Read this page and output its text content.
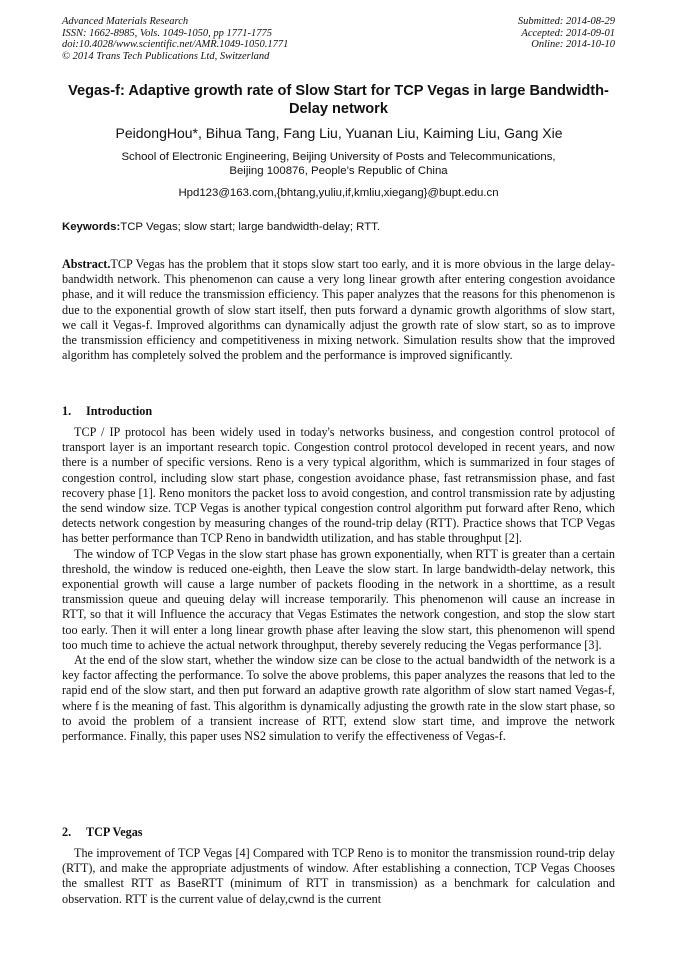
Advanced Materials Research
ISSN: 1662-8985, Vols. 1049-1050, pp 1771-1775
doi:10.4028/www.scientific.net/AMR.1049-1050.1771
© 2014 Trans Tech Publications Ltd, Switzerland
Submitted: 2014-08-29
Accepted: 2014-09-01
Online: 2014-10-10
Vegas-f: Adaptive growth rate of Slow Start for TCP Vegas in large Bandwidth-Delay network
PeidongHou*, Bihua Tang, Fang Liu, Yuanan Liu, Kaiming Liu, Gang Xie
School of Electronic Engineering, Beijing University of Posts and Telecommunications,
Beijing 100876, People’s Republic of China
Hpd123@163.com,{bhtang,yuliu,if,kmliu,xiegang}@bupt.edu.cn
Keywords:TCP Vegas; slow start; large bandwidth-delay; RTT.
Abstract.TCP Vegas has the problem that it stops slow start too early, and it is more obvious in the large delay-bandwidth network. This phenomenon can cause a very long linear growth after entering congestion avoidance phase, and it will reduce the transmission efficiency. This paper analyzes that the reasons for this phenomenon is due to the exponential growth of slow start itself, then puts forward a dynamic growth algorithms of slow start, we call it Vegas-f. Improved algorithms can dynamically adjust the growth rate of slow start, so as to improve the transmission efficiency and competitiveness in mixing network. Simulation results show that the improved algorithm has completely solved the problem and the performance is improved significantly.
1. Introduction

TCP / IP protocol has been widely used in today's networks business, and congestion control protocol of transport layer is an important research topic. Congestion control protocol developed in recent years, and now there is a number of specific versions. Reno is a very typical algorithm, which is summarized in four stages of congestion control, including slow start phase, congestion avoidance phase, fast retransmission phase, and fast recovery phase [1]. Reno monitors the packet loss to avoid congestion, and control transmission rate by adjusting the send window size. TCP Vegas is another typical congestion control algorithm put forward after Reno, which detects network congestion by measuring changes of the round-trip delay (RTT). Practice shows that TCP Vegas has better performance than TCP Reno in bandwidth utilization, and has stable throughput [2].

The window of TCP Vegas in the slow start phase has grown exponentially, when RTT is greater than a certain threshold, the window is reduced one-eighth, then Leave the slow start. In large bandwidth-delay network, this exponential growth will cause a large number of packets flooding in the network in a shorttime, as a result transmission queue and queuing delay will increase temporarily. This phenomenon will cause an increase in RTT, so that it will Influence the accuracy that Vegas Estimates the network congestion, and stop the slow start too early. Then it will enter a long linear growth phase after leaving the slow start, this phenomenon will spend too much time to achieve the actual network throughput, thereby severely reducing the Vegas performance [3].

At the end of the slow start, whether the window size can be close to the actual bandwidth of the network is a key factor affecting the performance. To solve the above problems, this paper analyzes the reasons that led to the rapid end of the slow start, and then put forward an adaptive growth rate algorithm of slow start named Vegas-f, where f is the meaning of fast. This algorithm is dynamically adjusting the growth rate in the slow start phase, so to avoid the problem of a transient increase of RTT, extend slow start time, and improve the network performance. Finally, this paper uses NS2 simulation to verify the effectiveness of Vegas-f.

2. TCP Vegas

The improvement of TCP Vegas [4] Compared with TCP Reno is to monitor the transmission round-trip delay (RTT), and make the appropriate adjustments of window. After establishing a connection, TCP Vegas Chooses the smallest RTT as BaseRTT (minimum of RTT in transmission) as a benchmark for calculation and observation. RTT is the current value of delay,cwnd is the current
